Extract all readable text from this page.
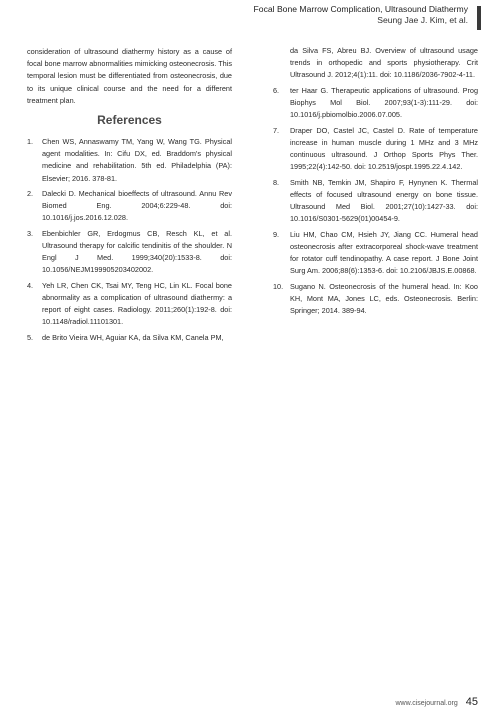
Focal Bone Marrow Complication, Ultrasound Diathermy
Seung Jae J. Kim, et al.

consideration of ultrasound diathermy history as a cause of focal bone marrow abnormalities mimicking osteonecrosis. This temporal lesion must be differentiated from osteonecrosis, due to its unique clinical course and the need for a different treatment plan.

References
1.	Chen WS, Annaswamy TM, Yang W, Wang TG. Physical agent modalities. In: Cifu DX, ed. Braddom's physical medicine and rehabilitation. 5th ed. Philadelphia (PA): Elsevier; 2016. 378-81.
2.	Dalecki D. Mechanical bioeffects of ultrasound. Annu Rev Biomed Eng. 2004;6:229-48. doi: 10.1016/j.jos.2016.12.028.
3.	Ebenbichler GR, Erdogmus CB, Resch KL, et al. Ultrasound therapy for calcific tendinitis of the shoulder. N Engl J Med. 1999;340(20):1533-8. doi: 10.1056/NEJM199905203402002.
4.	Yeh LR, Chen CK, Tsai MY, Teng HC, Lin KL. Focal bone abnormality as a complication of ultrasound diathermy: a report of eight cases. Radiology. 2011;260(1):192-8. doi: 10.1148/radiol.11101301.
5.	de Brito Vieira WH, Aguiar KA, da Silva KM, Canela PM,
da Silva FS, Abreu BJ. Overview of ultrasound usage trends in orthopedic and sports physiotherapy. Crit Ultrasound J. 2012;4(1):11. doi: 10.1186/2036-7902-4-11.
6.	ter Haar G. Therapeutic applications of ultrasound. Prog Biophys Mol Biol. 2007;93(1-3):111-29. doi: 10.1016/j.pbiomolbio.2006.07.005.
7.	Draper DO, Castel JC, Castel D. Rate of temperature increase in human muscle during 1 MHz and 3 MHz continuous ultrasound. J Orthop Sports Phys Ther. 1995;22(4):142-50. doi: 10.2519/jospt.1995.22.4.142.
8.	Smith NB, Temkin JM, Shapiro F, Hynynen K. Thermal effects of focused ultrasound energy on bone tissue. Ultrasound Med Biol. 2001;27(10):1427-33. doi: 10.1016/S0301-5629(01)00454-9.
9.	Liu HM, Chao CM, Hsieh JY, Jiang CC. Humeral head osteonecrosis after extracorporeal shock-wave treatment for rotator cuff tendinopathy. A case report. J Bone Joint Surg Am. 2006;88(6):1353-6. doi: 10.2106/JBJS.E.00868.
10. Sugano N. Osteonecrosis of the humeral head. In: Koo KH, Mont MA, Jones LC, eds. Osteonecrosis. Berlin: Springer; 2014. 389-94.
www.cisejournal.org 45
